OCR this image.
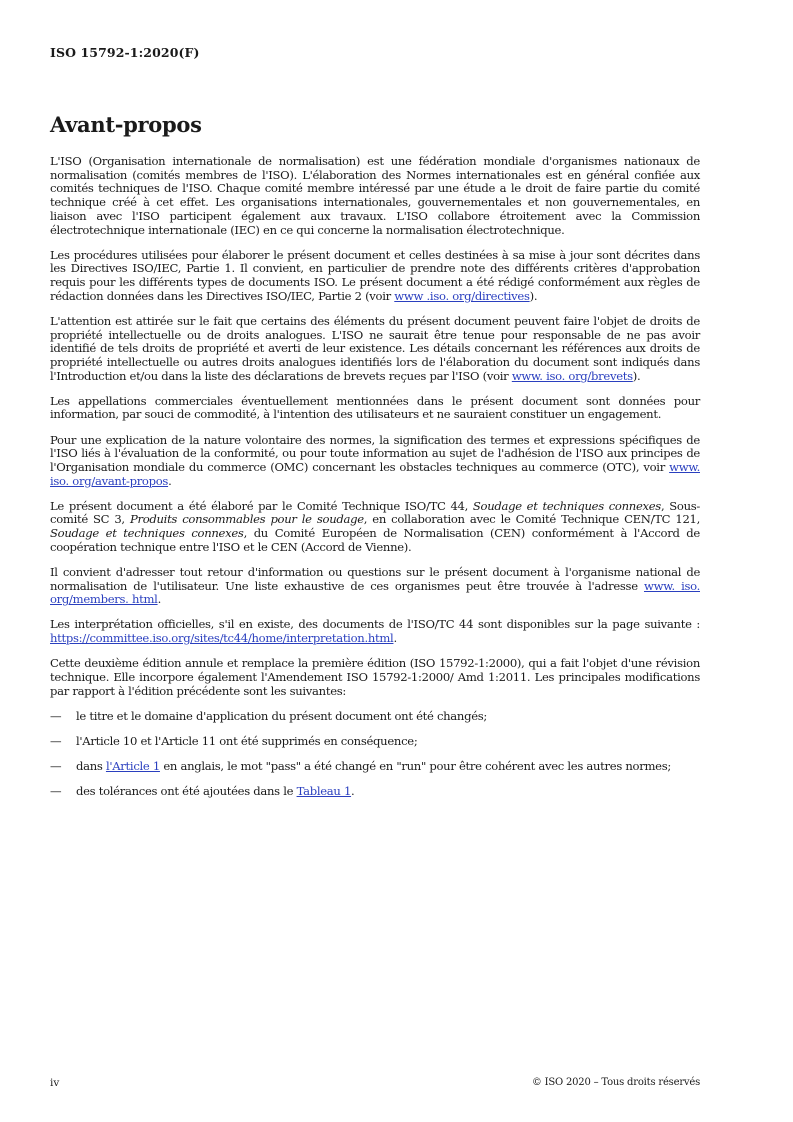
ISO 15792-1:2020(F)
Avant-propos

L'ISO (Organisation internationale de normalisation) est une fédération mondiale d'organismes nationaux de normalisation (comités membres de l'ISO). L'élaboration des Normes internationales est en général confiée aux comités techniques de l'ISO. Chaque comité membre intéressé par une étude a le droit de faire partie du comité technique créé à cet effet. Les organisations internationales, gouvernementales et non gouvernementales, en liaison avec l'ISO participent également aux travaux. L'ISO collabore étroitement avec la Commission électrotechnique internationale (IEC) en ce qui concerne la normalisation électrotechnique.

Les procédures utilisées pour élaborer le présent document et celles destinées à sa mise à jour sont décrites dans les Directives ISO/IEC, Partie 1. Il convient, en particulier de prendre note des différents critères d'approbation requis pour les différents types de documents ISO. Le présent document a été rédigé conformément aux règles de rédaction données dans les Directives ISO/IEC, Partie 2 (voir www .iso. org/directives).

L'attention est attirée sur le fait que certains des éléments du présent document peuvent faire l'objet de droits de propriété intellectuelle ou de droits analogues. L'ISO ne saurait être tenue pour responsable de ne pas avoir identifié de tels droits de propriété et averti de leur existence. Les détails concernant les références aux droits de propriété intellectuelle ou autres droits analogues identifiés lors de l'élaboration du document sont indiqués dans l'Introduction et/ou dans la liste des déclarations de brevets reçues par l'ISO (voir www. iso. org/brevets).

Les appellations commerciales éventuellement mentionnées dans le présent document sont données pour information, par souci de commodité, à l'intention des utilisateurs et ne sauraient constituer un engagement.

Pour une explication de la nature volontaire des normes, la signification des termes et expressions spécifiques de l'ISO liés à l'évaluation de la conformité, ou pour toute information au sujet de l'adhésion de l'ISO aux principes de l'Organisation mondiale du commerce (OMC) concernant les obstacles techniques au commerce (OTC), voir www. iso. org/avant-propos.

Le présent document a été élaboré par le Comité Technique ISO/TC 44, Soudage et techniques connexes, Sous-comité SC 3, Produits consommables pour le soudage, en collaboration avec le Comité Technique CEN/TC 121, Soudage et techniques connexes, du Comité Européen de Normalisation (CEN) conformément à l'Accord de coopération technique entre l'ISO et le CEN (Accord de Vienne).

Il convient d'adresser tout retour d'information ou questions sur le présent document à l'organisme national de normalisation de l'utilisateur. Une liste exhaustive de ces organismes peut être trouvée à l'adresse www. iso. org/members. html.

Les interprétation officielles, s'il en existe, des documents de l'ISO/TC 44 sont disponibles sur la page suivante : https://committee.iso.org/sites/tc44/home/interpretation.html.

Cette deuxième édition annule et remplace la première édition (ISO 15792-1:2000), qui a fait l'objet d'une révision technique. Elle incorpore également l'Amendement ISO 15792-1:2000/ Amd 1:2011. Les principales modifications par rapport à l'édition précédente sont les suivantes:

—	le titre et le domaine d'application du présent document ont été changés;
—	l'Article 10 et l'Article 11 ont été supprimés en conséquence;
—	dans l'Article 1 en anglais, le mot "pass" a été changé en "run" pour être cohérent avec les autres normes;
—	des tolérances ont été ajoutées dans le Tableau 1.
iv	© ISO 2020 – Tous droits réservés
